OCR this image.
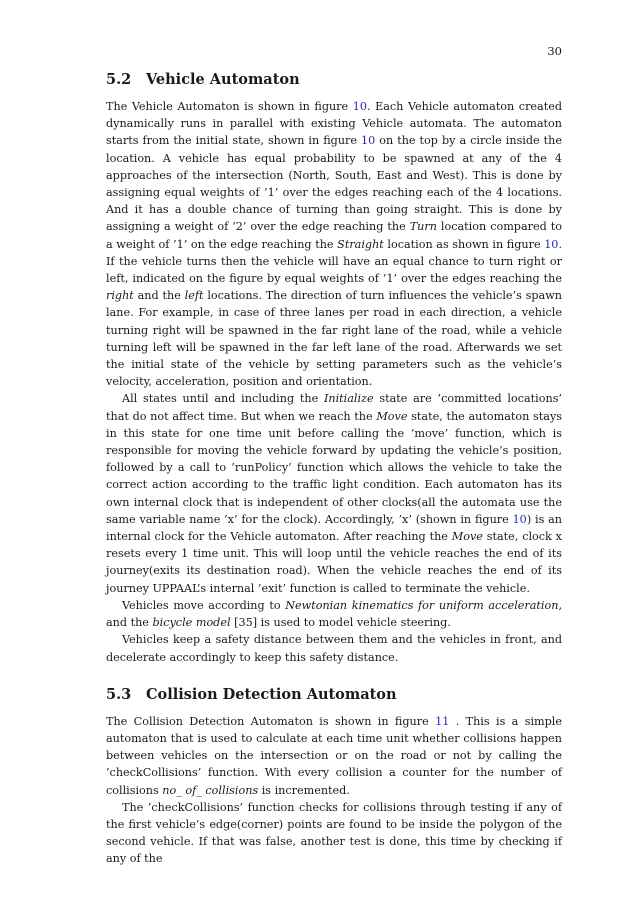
30
5.2 Vehicle Automaton

The Vehicle Automaton is shown in figure 10. Each Vehicle automaton created dynamically runs in parallel with existing Vehicle automata. The automaton starts from the initial state, shown in figure 10 on the top by a circle inside the location. A vehicle has equal probability to be spawned at any of the 4 approaches of the intersection (North, South, East and West). This is done by assigning equal weights of ’1’ over the edges reaching each of the 4 locations. And it has a double chance of turning than going straight. This is done by assigning a weight of ’2’ over the edge reaching the Turn location compared to a weight of ’1’ on the edge reaching the Straight location as shown in figure 10. If the vehicle turns then the vehicle will have an equal chance to turn right or left, indicated on the figure by equal weights of ’1’ over the edges reaching the right and the left locations. The direction of turn influences the vehicle’s spawn lane. For example, in case of three lanes per road in each direction, a vehicle turning right will be spawned in the far right lane of the road, while a vehicle turning left will be spawned in the far left lane of the road. Afterwards we set the initial state of the vehicle by setting parameters such as the vehicle’s velocity, acceleration, position and orientation.

All states until and including the Initialize state are ’committed locations’ that do not affect time. But when we reach the Move state, the automaton stays in this state for one time unit before calling the ’move’ function, which is responsible for moving the vehicle forward by updating the vehicle’s position, followed by a call to ’runPolicy’ function which allows the vehicle to take the correct action according to the traffic light condition. Each automaton has its own internal clock that is independent of other clocks(all the automata use the same variable name ’x’ for the clock). Accordingly, ’x’ (shown in figure 10) is an internal clock for the Vehicle automaton. After reaching the Move state, clock x resets every 1 time unit. This will loop until the vehicle reaches the end of its journey(exits its destination road). When the vehicle reaches the end of its journey UPPAAL’s internal ’exit’ function is called to terminate the vehicle.

Vehicles move according to Newtonian kinematics for uniform acceleration, and the bicycle model [35] is used to model vehicle steering.

Vehicles keep a safety distance between them and the vehicles in front, and decelerate accordingly to keep this safety distance.

5.3 Collision Detection Automaton

The Collision Detection Automaton is shown in figure 11 . This is a simple automaton that is used to calculate at each time unit whether collisions happen between vehicles on the intersection or on the road or not by calling the ’checkCollisions’ function. With every collision a counter for the number of collisions no_ of_ collisions is incremented.

The ’checkCollisions’ function checks for collisions through testing if any of the first vehicle’s edge(corner) points are found to be inside the polygon of the second vehicle. If that was false, another test is done, this time by checking if any of the
